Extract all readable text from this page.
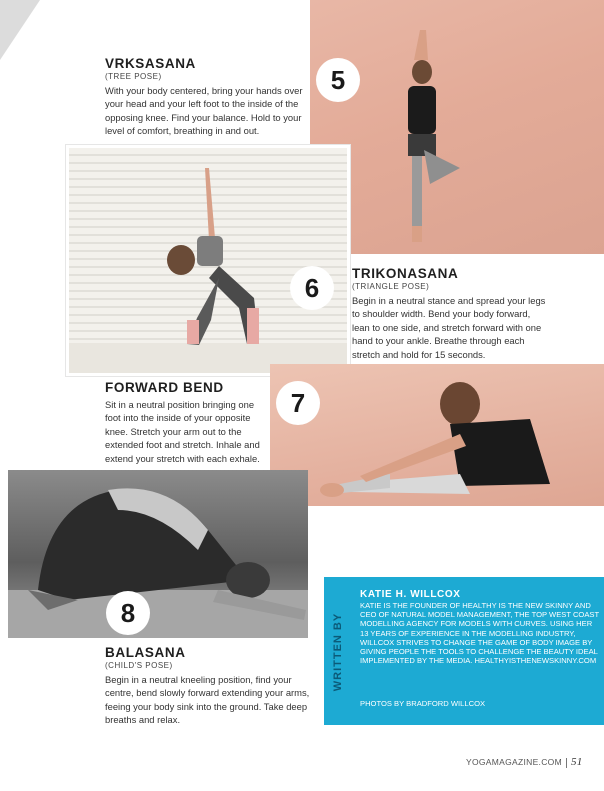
5
6
7
8
VRKSASANA
(TREE POSE)

With your body centered, bring your hands over your head and your left foot to the inside of the opposing knee. Find your balance. Hold to your level of comfort, breathing in and out.

TRIKONASANA
(TRIANGLE POSE)

Begin in a neutral stance and spread your legs to shoulder width. Bend your body forward, lean to one side, and stretch forward with one hand to your ankle. Breathe through each stretch and hold for 15 seconds.

FORWARD BEND

Sit in a neutral position bringing one foot into the inside of your opposite knee. Stretch your arm out to the extended foot and stretch. Inhale and extend your stretch with each exhale.

BALASANA
(CHILD'S POSE)

Begin in a neutral kneeling position, find your centre, bend slowly forward extending your arms, feeing your body sink into the ground. Take deep breaths and relax.

WRITTEN BY
KATIE H. WILLCOX

KATIE IS THE FOUNDER OF HEALTHY IS THE NEW SKINNY AND CEO OF NATURAL MODEL MANAGEMENT, THE TOP WEST COAST MODELLING AGENCY FOR MODELS WITH CURVES. USING HER 13 YEARS OF EXPERIENCE IN THE MODELLING INDUSTRY, WILLCOX STRIVES TO CHANGE THE GAME OF BODY IMAGE BY GIVING PEOPLE THE TOOLS TO CHALLENGE THE BEAUTY IDEAL IMPLEMENTED BY THE MEDIA. HEALTHYISTHENEWSKINNY.COM

PHOTOS BY BRADFORD WILLCOX

YOGAMAGAZINE.COM 51
